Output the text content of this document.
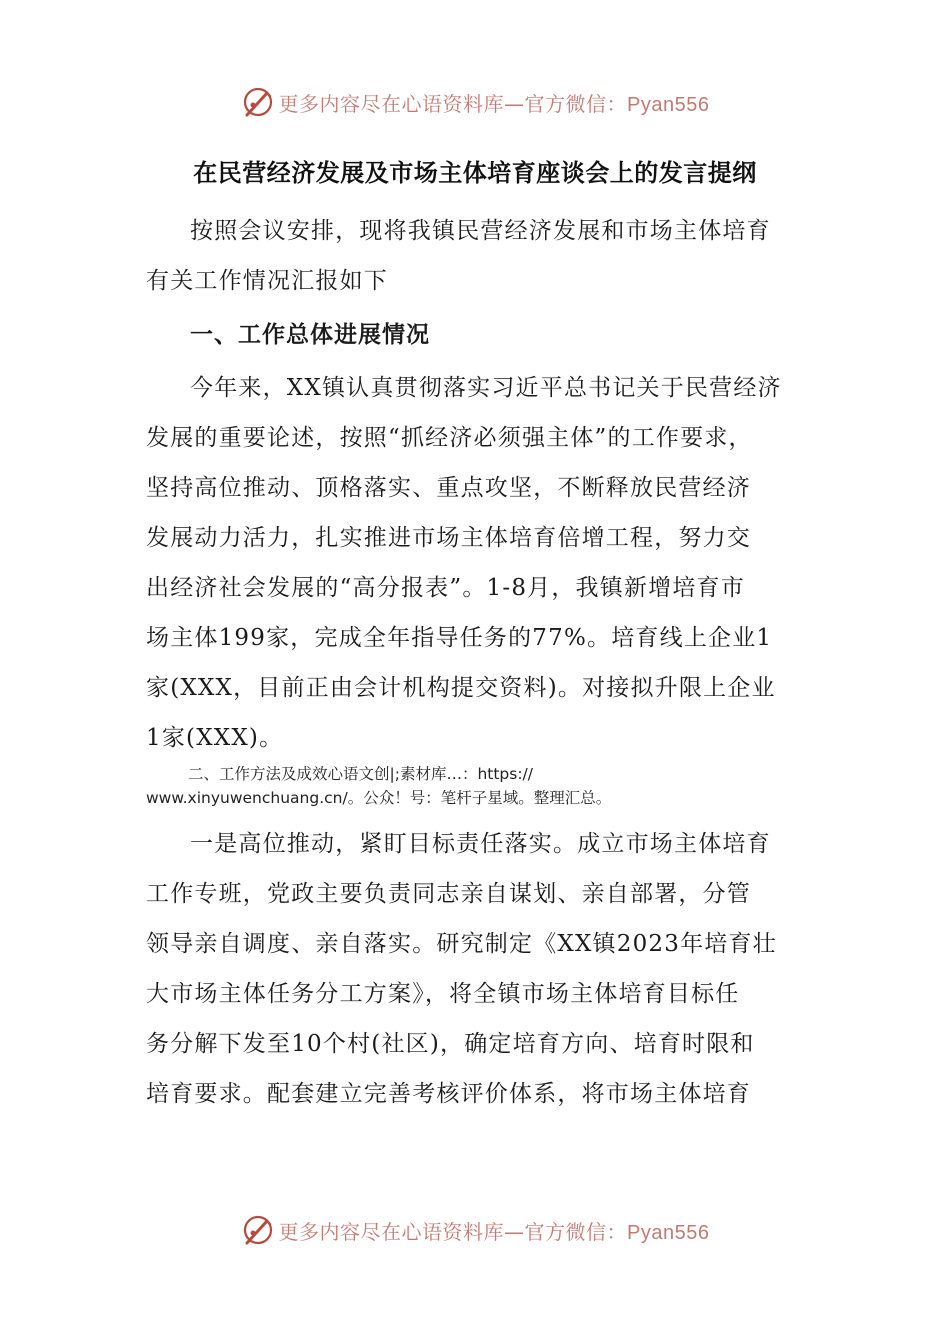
更多内容尽在心语资料库—官方微信：Pyan556
在民营经济发展及市场主体培育座谈会上的发言提纲
按照会议安排，现将我镇民营经济发展和市场主体培育
有关工作情况汇报如下
一、工作总体进展情况
今年来，XX镇认真贯彻落实习近平总书记关于民营经济
发展的重要论述，按照“抓经济必须强主体”的工作要求，
坚持高位推动、顶格落实、重点攻坚，不断释放民营经济
发展动力活力，扎实推进市场主体培育倍增工程，努力交
出经济社会发展的“高分报表”。1-8月，我镇新增培育市
场主体199家，完成全年指导任务的77%。培育线上企业1
家(XXX，目前正由会计机构提交资料)。对接拟升限上企业
1家(XXX)。
二、工作方法及成效心语文创|;素材库…：https://
www.xinyuwenchuang.cn/。公众！号：笔杆子星域。整理汇总。
一是高位推动，紧盯目标责任落实。成立市场主体培育
工作专班，党政主要负责同志亲自谋划、亲自部署，分管
领导亲自调度、亲自落实。研究制定《XX镇2023年培育壮
大市场主体任务分工方案》，将全镇市场主体培育目标任
务分解下发至10个村(社区)，确定培育方向、培育时限和
培育要求。配套建立完善考核评价体系，将市场主体培育
更多内容尽在心语资料库—官方微信：Pyan556
